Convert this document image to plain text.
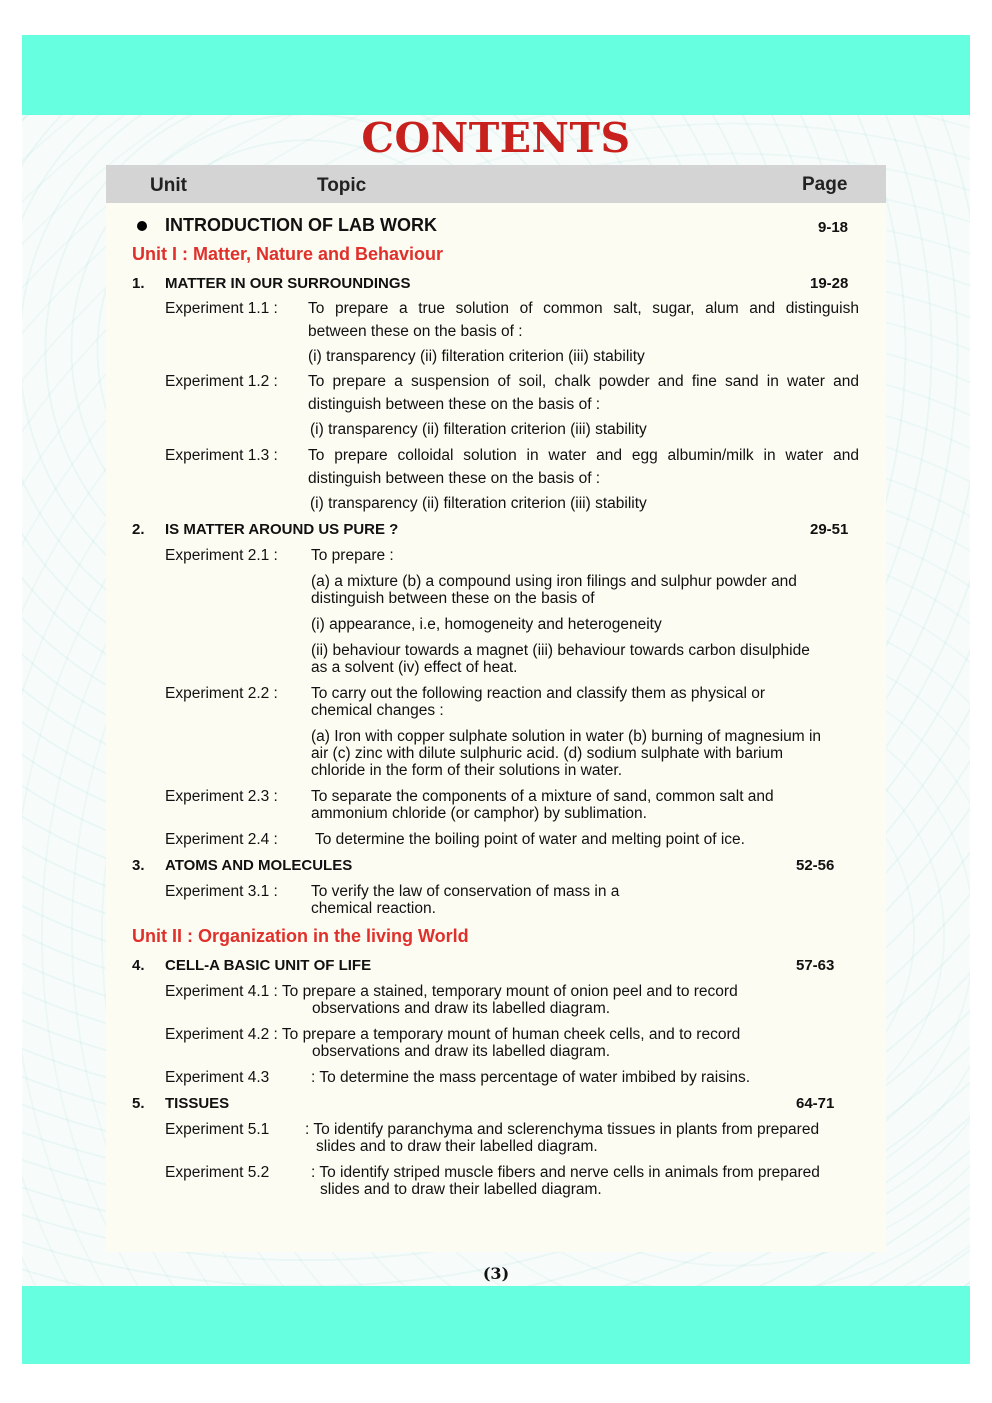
CONTENTS
Unit	Topic	Page
INTRODUCTION OF LAB WORK	9-18
Unit I : Matter, Nature and Behaviour
1. MATTER IN OUR SURROUNDINGS	19-28
Experiment 1.1 : To prepare a true solution of common salt, sugar, alum and distinguish
between these on the basis of :
(i) transparency (ii) filteration criterion (iii) stability
Experiment 1.2 : To prepare a suspension of soil, chalk powder and fine sand in water and
distinguish between these on the basis of :
(i) transparency (ii) filteration criterion (iii) stability
Experiment 1.3 : To prepare colloidal solution in water and egg albumin/milk in water and
distinguish between these on the basis of :
(i) transparency (ii) filteration criterion (iii) stability
2. IS MATTER AROUND US PURE ?	29-51
Experiment 2.1 : To prepare :
(a) a mixture (b) a compound using iron filings and sulphur powder and
distinguish between these on the basis of
(i) appearance, i.e, homogeneity and heterogeneity
(ii) behaviour towards a magnet (iii) behaviour towards carbon disulphide
as a solvent (iv) effect of heat.
Experiment 2.2 : To carry out the following reaction and classify them as physical or
chemical changes :
(a) Iron with copper sulphate solution in water (b) burning of magnesium in
air (c) zinc with dilute sulphuric acid. (d) sodium sulphate with barium
chloride in the form of their solutions in water.
Experiment 2.3 : To separate the components of a mixture of sand, common salt and
ammonium chloride (or camphor) by sublimation.
Experiment 2.4 : To determine the boiling point of water and melting point of ice.
3. ATOMS AND MOLECULES	52-56
Experiment 3.1 : To verify the law of conservation of mass in a
chemical reaction.
Unit II : Organization in the living World
4. CELL-A BASIC UNIT OF LIFE	57-63
Experiment 4.1 : To prepare a stained, temporary mount of onion peel and to record
observations and draw its labelled diagram.
Experiment 4.2 : To prepare a temporary mount of human cheek cells, and to record
observations and draw its labelled diagram.
Experiment 4.3	: To determine the mass percentage of water imbibed by raisins.
5. TISSUES	64-71
Experiment 5.1 : To identify paranchyma and sclerenchyma tissues in plants from prepared
slides and to draw their labelled diagram.
Experiment 5.2	: To identify striped muscle fibers and nerve cells in animals from prepared
slides and to draw their labelled diagram.
(3)
